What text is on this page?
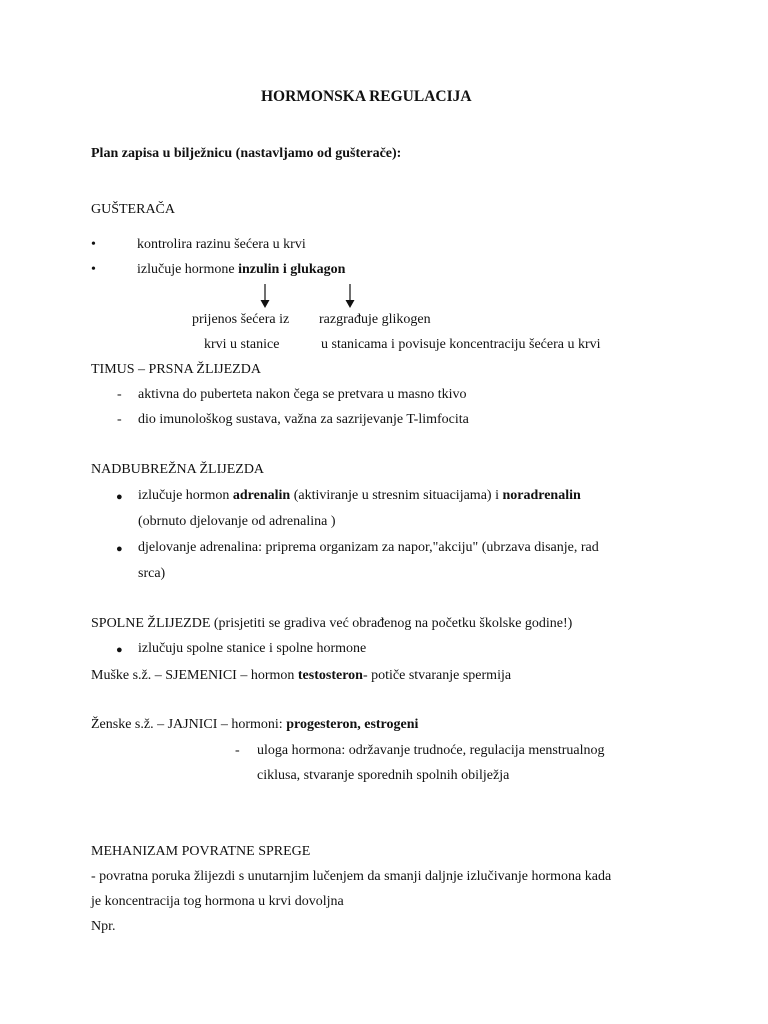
HORMONSKA REGULACIJA
Plan zapisa u bilježnicu (nastavljamo od gušterače):
GUŠTERAČA
•	kontrolira razinu šećera u krvi
•	izlučuje hormone inzulin i glukagon
prijenos šećera iz
krvi u stanice
razgrađuje glikogen
u stanicama i povisuje koncentraciju šećera u krvi
TIMUS – PRSNA ŽLIJEZDA
- aktivna do puberteta nakon čega se pretvara u masno tkivo
- dio imunološkog sustava, važna za sazrijevanje T-limfocita
NADBUBREŽNA ŽLIJEZDA
● izlučuje hormon adrenalin (aktiviranje u stresnim situacijama) i noradrenalin
(obrnuto djelovanje od adrenalina )
● djelovanje adrenalina: priprema organizam za napor,"akciju" (ubrzava disanje, rad
srca)
SPOLNE ŽLIJEZDE (prisjetiti se gradiva već obrađenog na početku školske godine!)
● izlučuju spolne stanice i spolne hormone
Muške s.ž. – SJEMENICI – hormon testosteron- potiče stvaranje spermija
Ženske s.ž. – JAJNICI – hormoni: progesteron, estrogeni
- uloga hormona: održavanje trudnoće, regulacija menstrualnog
ciklusa, stvaranje sporednih spolnih obilježja
MEHANIZAM POVRATNE SPREGE
- povratna poruka žlijezdi s unutarnjim lučenjem da smanji daljnje izlučivanje hormona kada
je koncentracija tog hormona u krvi dovoljna
Npr.
